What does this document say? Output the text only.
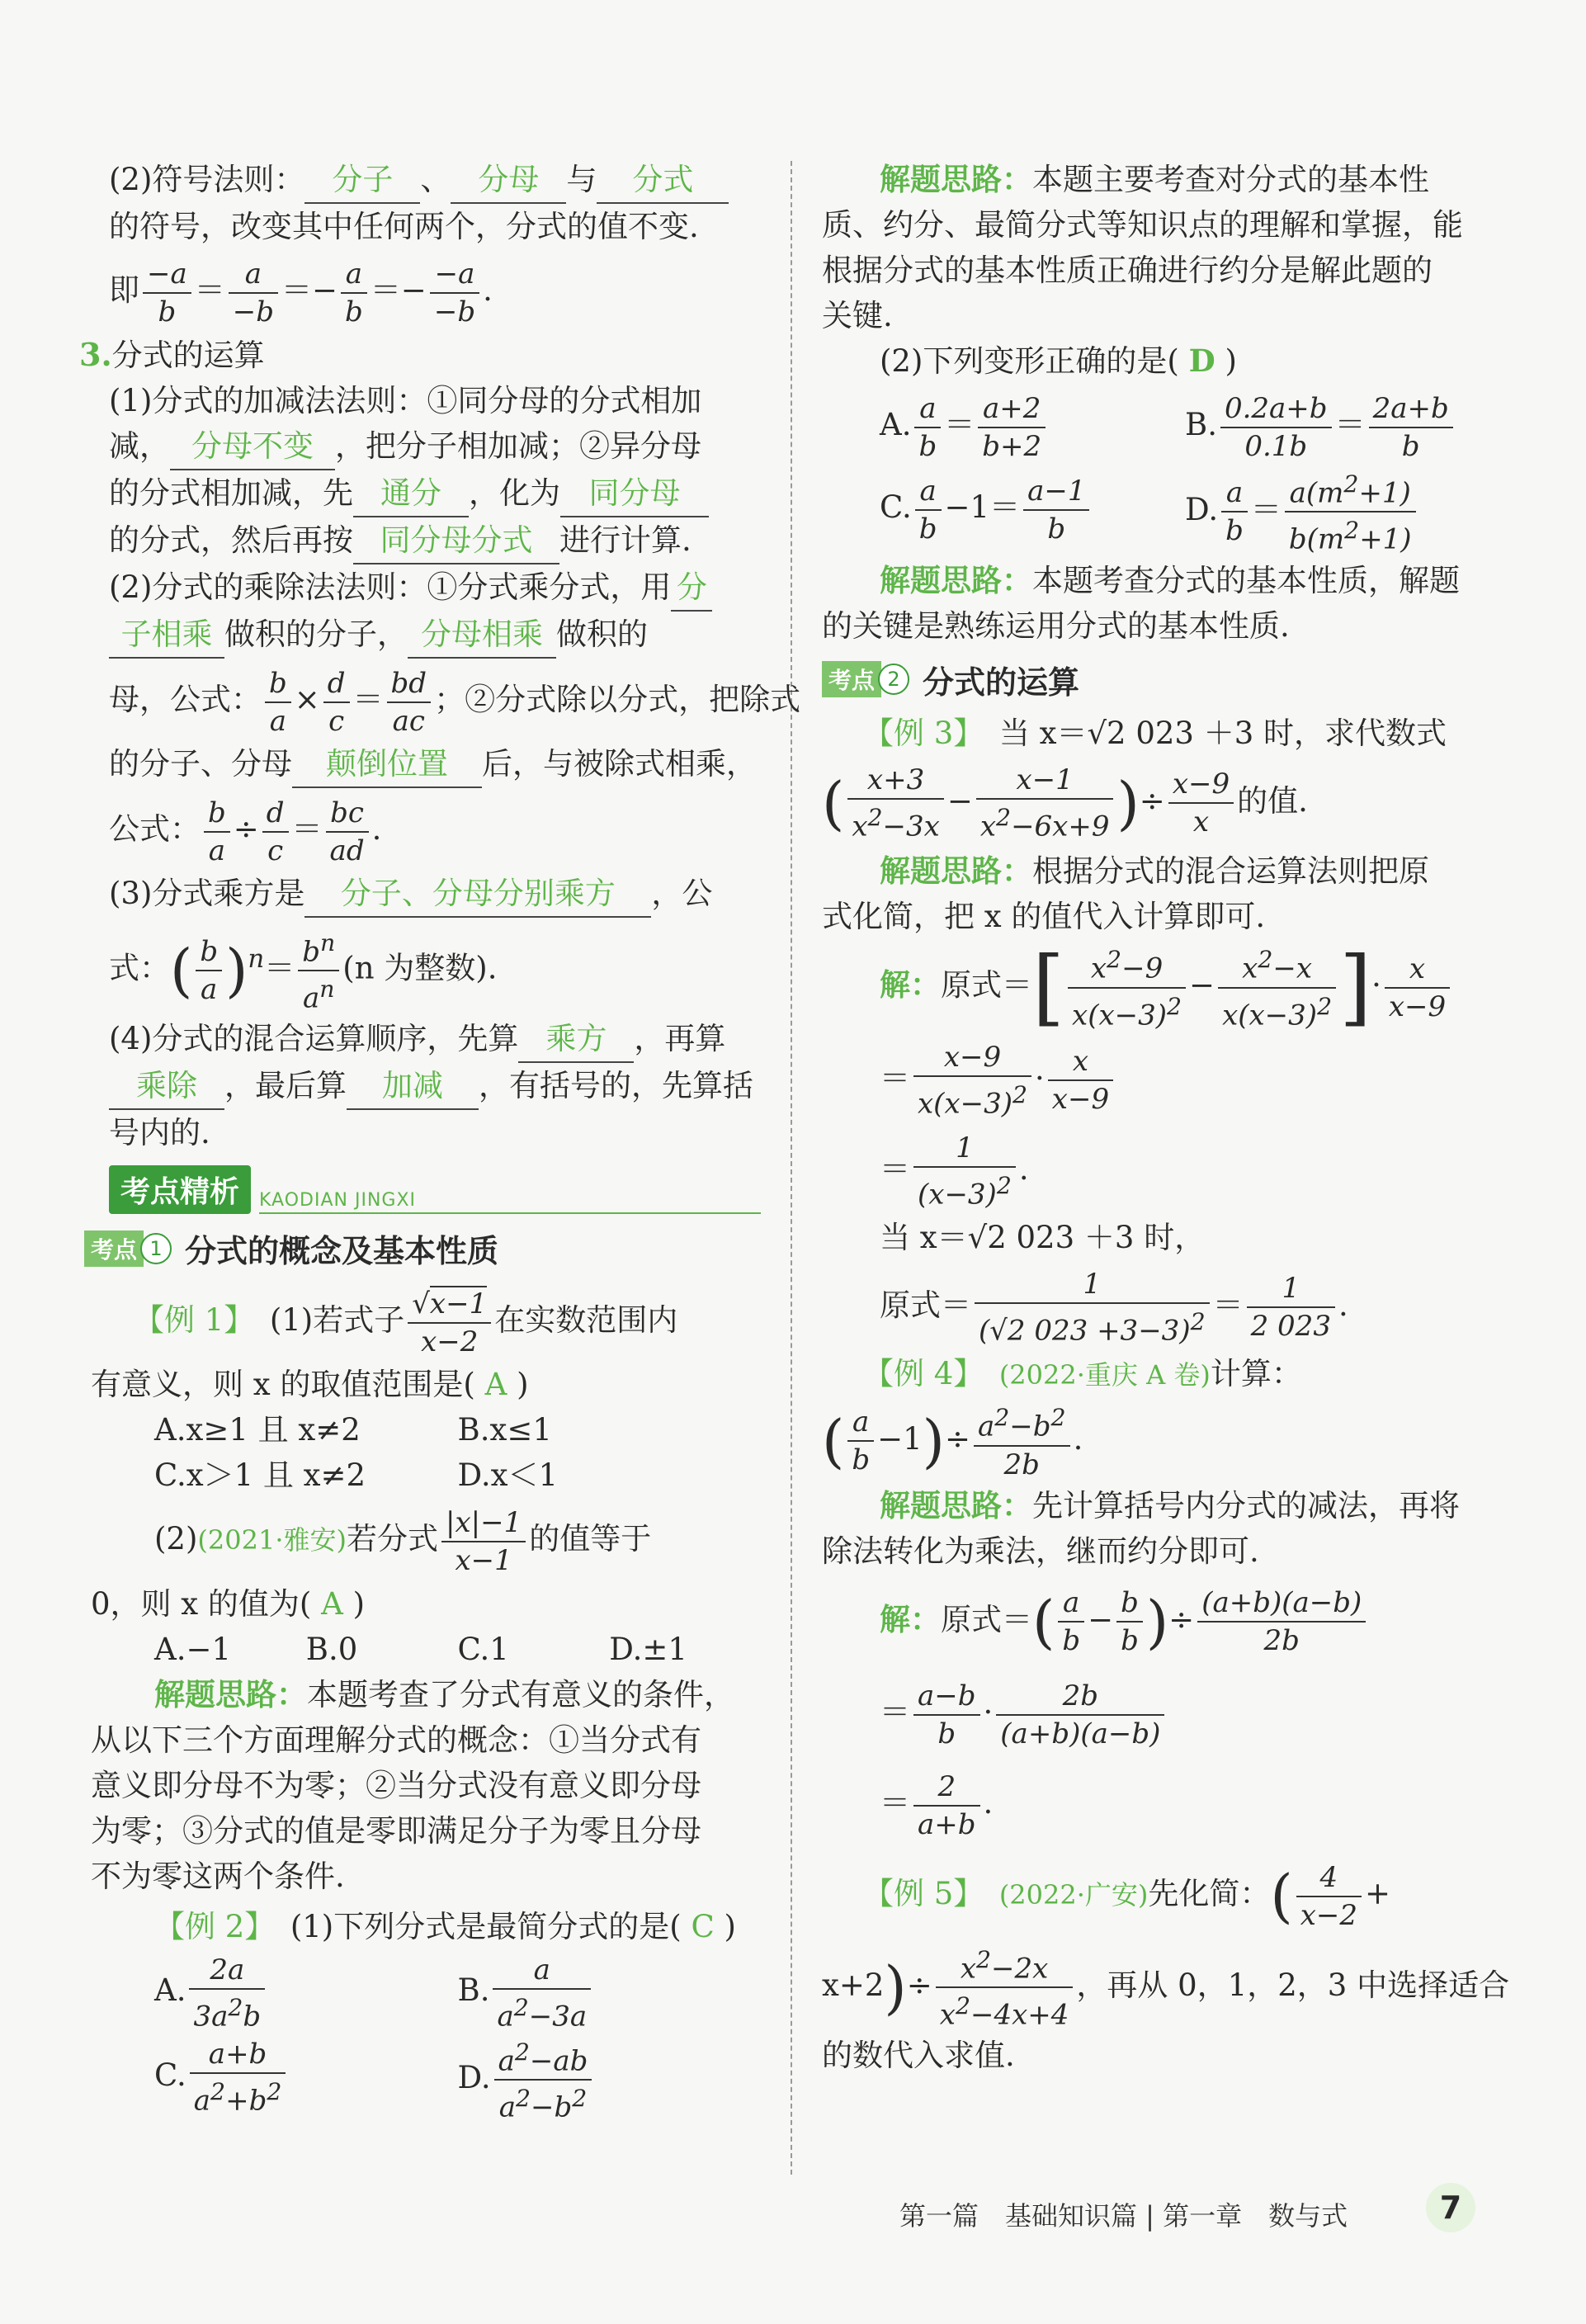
(2)符号法则： 分子 、 分母 与 分式
的符号，改变其中任何两个，分式的值不变.
即 $\frac{-a}{b} = \frac{a}{-b} =- \frac{a}{b} =- \frac{-a}{-b}$ .
3.分式的运算
(1)分式的加减法法则：①同分母的分式相加
减， 分母不变 ，把分子相加减；②异分母
的分式相加减，先 通分 ，化为 同分母
的分式，然后再按 同分母分式 进行计算.
(2)分式的乘除法法则：①分式乘分式，用 分
子相乘 做积的分子， 分母相乘 做积的
母，公式： $\frac{b}{a} \times \frac{d}{c} = \frac{bd}{ac}$ ；②分式除以分式，把除式
的分子、分母 颠倒位置 后，与被除式相乘，
公式： $\frac{b}{a} \div \frac{d}{c} = \frac{bc}{ad}$ .
(3)分式乘方是 分子、分母分别乘方 ，公
式：( $\frac{b}{a} )^n= \frac{b^n}{a^n} (n$ 为整数).
(4)分式的混合运算顺序，先算 乘方 ，再算
乘除 ，最后算 加减 ，有括号的，先算括
号内的.
考点精析	KAODIAN JINGXI
考点 1 分式的概念及基本性质
【例 1】　 (1)若式子 $\frac{√x-1}{x-2}$ 在实数范围内
有意义，则 x 的取值范围是( A )
A.x≥1 且 x≠2	B.x≤1
C.x＞1 且 x≠2	D.x＜1
(2)(2021·雅安)若分式 $\frac{|x|-1}{x-1}$ 的值等于
0，则 x 的值为( A )
A.−1	B.0	C.1	D.±1
解题思路：本题考查了分式有意义的条件，
从以下三个方面理解分式的概念：①当分式有
意义即分母不为零；②当分式没有意义即分母
为零；③分式的值是零即满足分子为零且分母
不为零这两个条件.
【例 2】　 (1)下列分式是最简分式的是( C )
A. $\frac{2a}{3a^2b}$	B. $\frac{a}{a^2-3a}$
C. $\frac{a+b}{a^2+b^2}$	D. $\frac{a^2-ab}{a^2-b^2}$
解题思路：本题主要考查对分式的基本性
质、约分、最简分式等知识点的理解和掌握，能
根据分式的基本性质正确进行约分是解此题的
关键.
(2)下列变形正确的是( D )
A. $\frac{a}{b} = \frac{a+2}{b+2}$	B. $\frac{0.2a+b}{0.1b} = \frac{2a+b}{b}$
C. $\frac{a}{b} -1= \frac{a-1}{b}$	D. $\frac{a}{b} = \frac{a(m^2+1)}{b(m^2+1)}$
解题思路：本题考查分式的基本性质，解题
的关键是熟练运用分式的基本性质.
考点 2 分式的运算
【例 3】　 当 x＝√2 023 ＋3 时，求代数式
( $\frac{x+3}{x^2-3x} - \frac{x-1}{x^2-6x+9}$ )÷ $\frac{x-9}{x}$ 的值.
解题思路：根据分式的混合运算法则把原
式化简，把 x 的值代入计算即可.
解：原式＝[ $\frac{x^2-9}{x(x-3)^2} - \frac{x^2-x}{x(x-3)^2}$ ]· $\frac{x}{x-9}$
＝ $\frac{x-9}{x(x-3)^2} \cdot \frac{x}{x-9}$
＝ $\frac{1}{(x-3)^2}$ .
当 x＝√2 023 ＋3 时，
原式＝ $\frac{1}{(√2 023 +3-3)^2} = \frac{1}{2 023}$ .
【例 4】　 (2022·重庆 A 卷)计算：
( $\frac{a}{b} -1)\div \frac{a^2-b^2}{2b}$ .
解题思路：先计算括号内分式的减法，再将
除法转化为乘法，继而约分即可.
解：原式＝( $\frac{a}{b} - \frac{b}{b}$ )÷ $\frac{(a+b)(a-b)}{2b}$
＝ $\frac{a-b}{b} \cdot \frac{2b}{(a+b)(a-b)}$
＝ $\frac{2}{a+b}$ .
【例 5】　 (2022·广安)先化简：( $\frac{4}{x-2}$ +
$x+2)\div \frac{x^2-2x}{x^2-4x+4}$ ，再从 0，1，2，3 中选择适合
的数代入求值.
第一篇　基础知识篇 | 第一章　数与式	7
